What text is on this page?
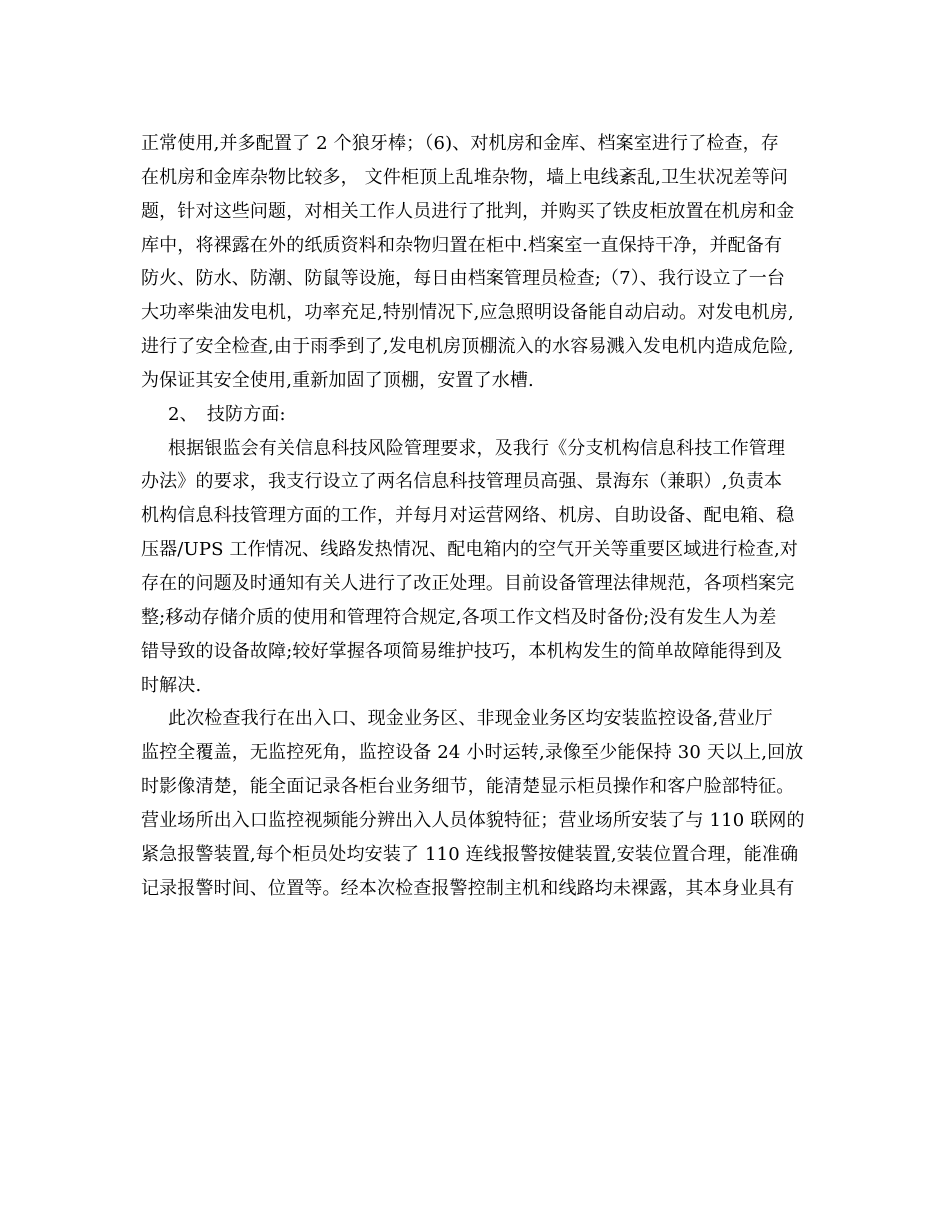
正常使用,并多配置了 2 个狼牙棒；（6)、对机房和金库、档案室进行了检查，存
在机房和金库杂物比较多， 文件柜顶上乱堆杂物，墙上电线紊乱,卫生状况差等问
题，针对这些问题，对相关工作人员进行了批判，并购买了铁皮柜放置在机房和金
库中，将裸露在外的纸质资料和杂物归置在柜中.档案室一直保持干净，并配备有
防火、防水、防潮、防鼠等设施，每日由档案管理员检查;（7）、我行设立了一台
大功率柴油发电机，功率充足,特别情况下,应急照明设备能自动启动。对发电机房,
进行了安全检查,由于雨季到了,发电机房顶棚流入的水容易溅入发电机内造成危险,
为保证其安全使用,重新加固了顶棚，安置了水槽.
2、　技防方面:
根据银监会有关信息科技风险管理要求，及我行《分支机构信息科技工作管理
办法》的要求，我支行设立了两名信息科技管理员高强、景海东（兼职）,负责本
机构信息科技管理方面的工作，并每月对运营网络、机房、自助设备、配电箱、稳
压器/UPS 工作情况、线路发热情况、配电箱内的空气开关等重要区域进行检查,对
存在的问题及时通知有关人进行了改正处理。目前设备管理法律规范，各项档案完
整;移动存储介质的使用和管理符合规定,各项工作文档及时备份;没有发生人为差
错导致的设备故障;较好掌握各项简易维护技巧，本机构发生的简单故障能得到及
时解决.
此次检查我行在出入口、现金业务区、非现金业务区均安装监控设备,营业厅
监控全覆盖，无监控死角，监控设备 24 小时运转,录像至少能保持 30 天以上,回放
时影像清楚，能全面记录各柜台业务细节，能清楚显示柜员操作和客户脸部特征。
营业场所出入口监控视频能分辨出入人员体貌特征；营业场所安装了与 110 联网的
紧急报警装置,每个柜员处均安装了 110 连线报警按健装置,安装位置合理，能准确
记录报警时间、位置等。经本次检查报警控制主机和线路均未裸露，其本身业具有
